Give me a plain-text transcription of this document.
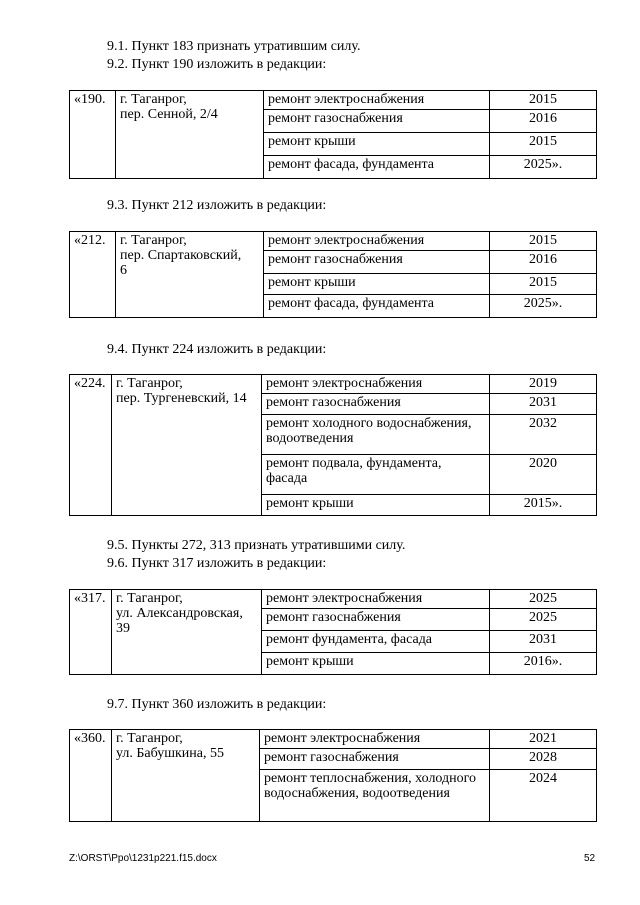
9.1. Пункт 183 признать утратившим силу.
9.2. Пункт 190 изложить в редакции:
«190.	г. Таганрог,
пер. Сенной, 2/4	ремонт электроснабжения	2015
		ремонт газоснабжения	2016
		ремонт крыши	2015
		ремонт фасада, фундамента	2025».
9.3. Пункт 212 изложить в редакции:
«212.	г. Таганрог,
пер. Спартаковский,
6	ремонт электроснабжения	2015
		ремонт газоснабжения	2016
		ремонт крыши	2015
		ремонт фасада, фундамента	2025».
9.4. Пункт 224 изложить в редакции:
«224.	г. Таганрог,
пер. Тургеневский, 14	ремонт электроснабжения	2019
		ремонт газоснабжения	2031
		ремонт холодного водоснабжения, водоотведения	2032
		ремонт подвала, фундамента, фасада	2020
		ремонт крыши	2015».
9.5. Пункты 272, 313 признать утратившими силу.
9.6. Пункт 317 изложить в редакции:
«317.	г. Таганрог,
ул. Александровская,
39	ремонт электроснабжения	2025
		ремонт газоснабжения	2025
		ремонт фундамента, фасада	2031
		ремонт крыши	2016».
9.7. Пункт 360 изложить в редакции:
«360.	г. Таганрог,
ул. Бабушкина, 55	ремонт электроснабжения	2021
		ремонт газоснабжения	2028
		ремонт теплоснабжения, холодного водоснабжения, водоотведения	2024
Z:\ORST\Ppo\1231p221.f15.docx	52
